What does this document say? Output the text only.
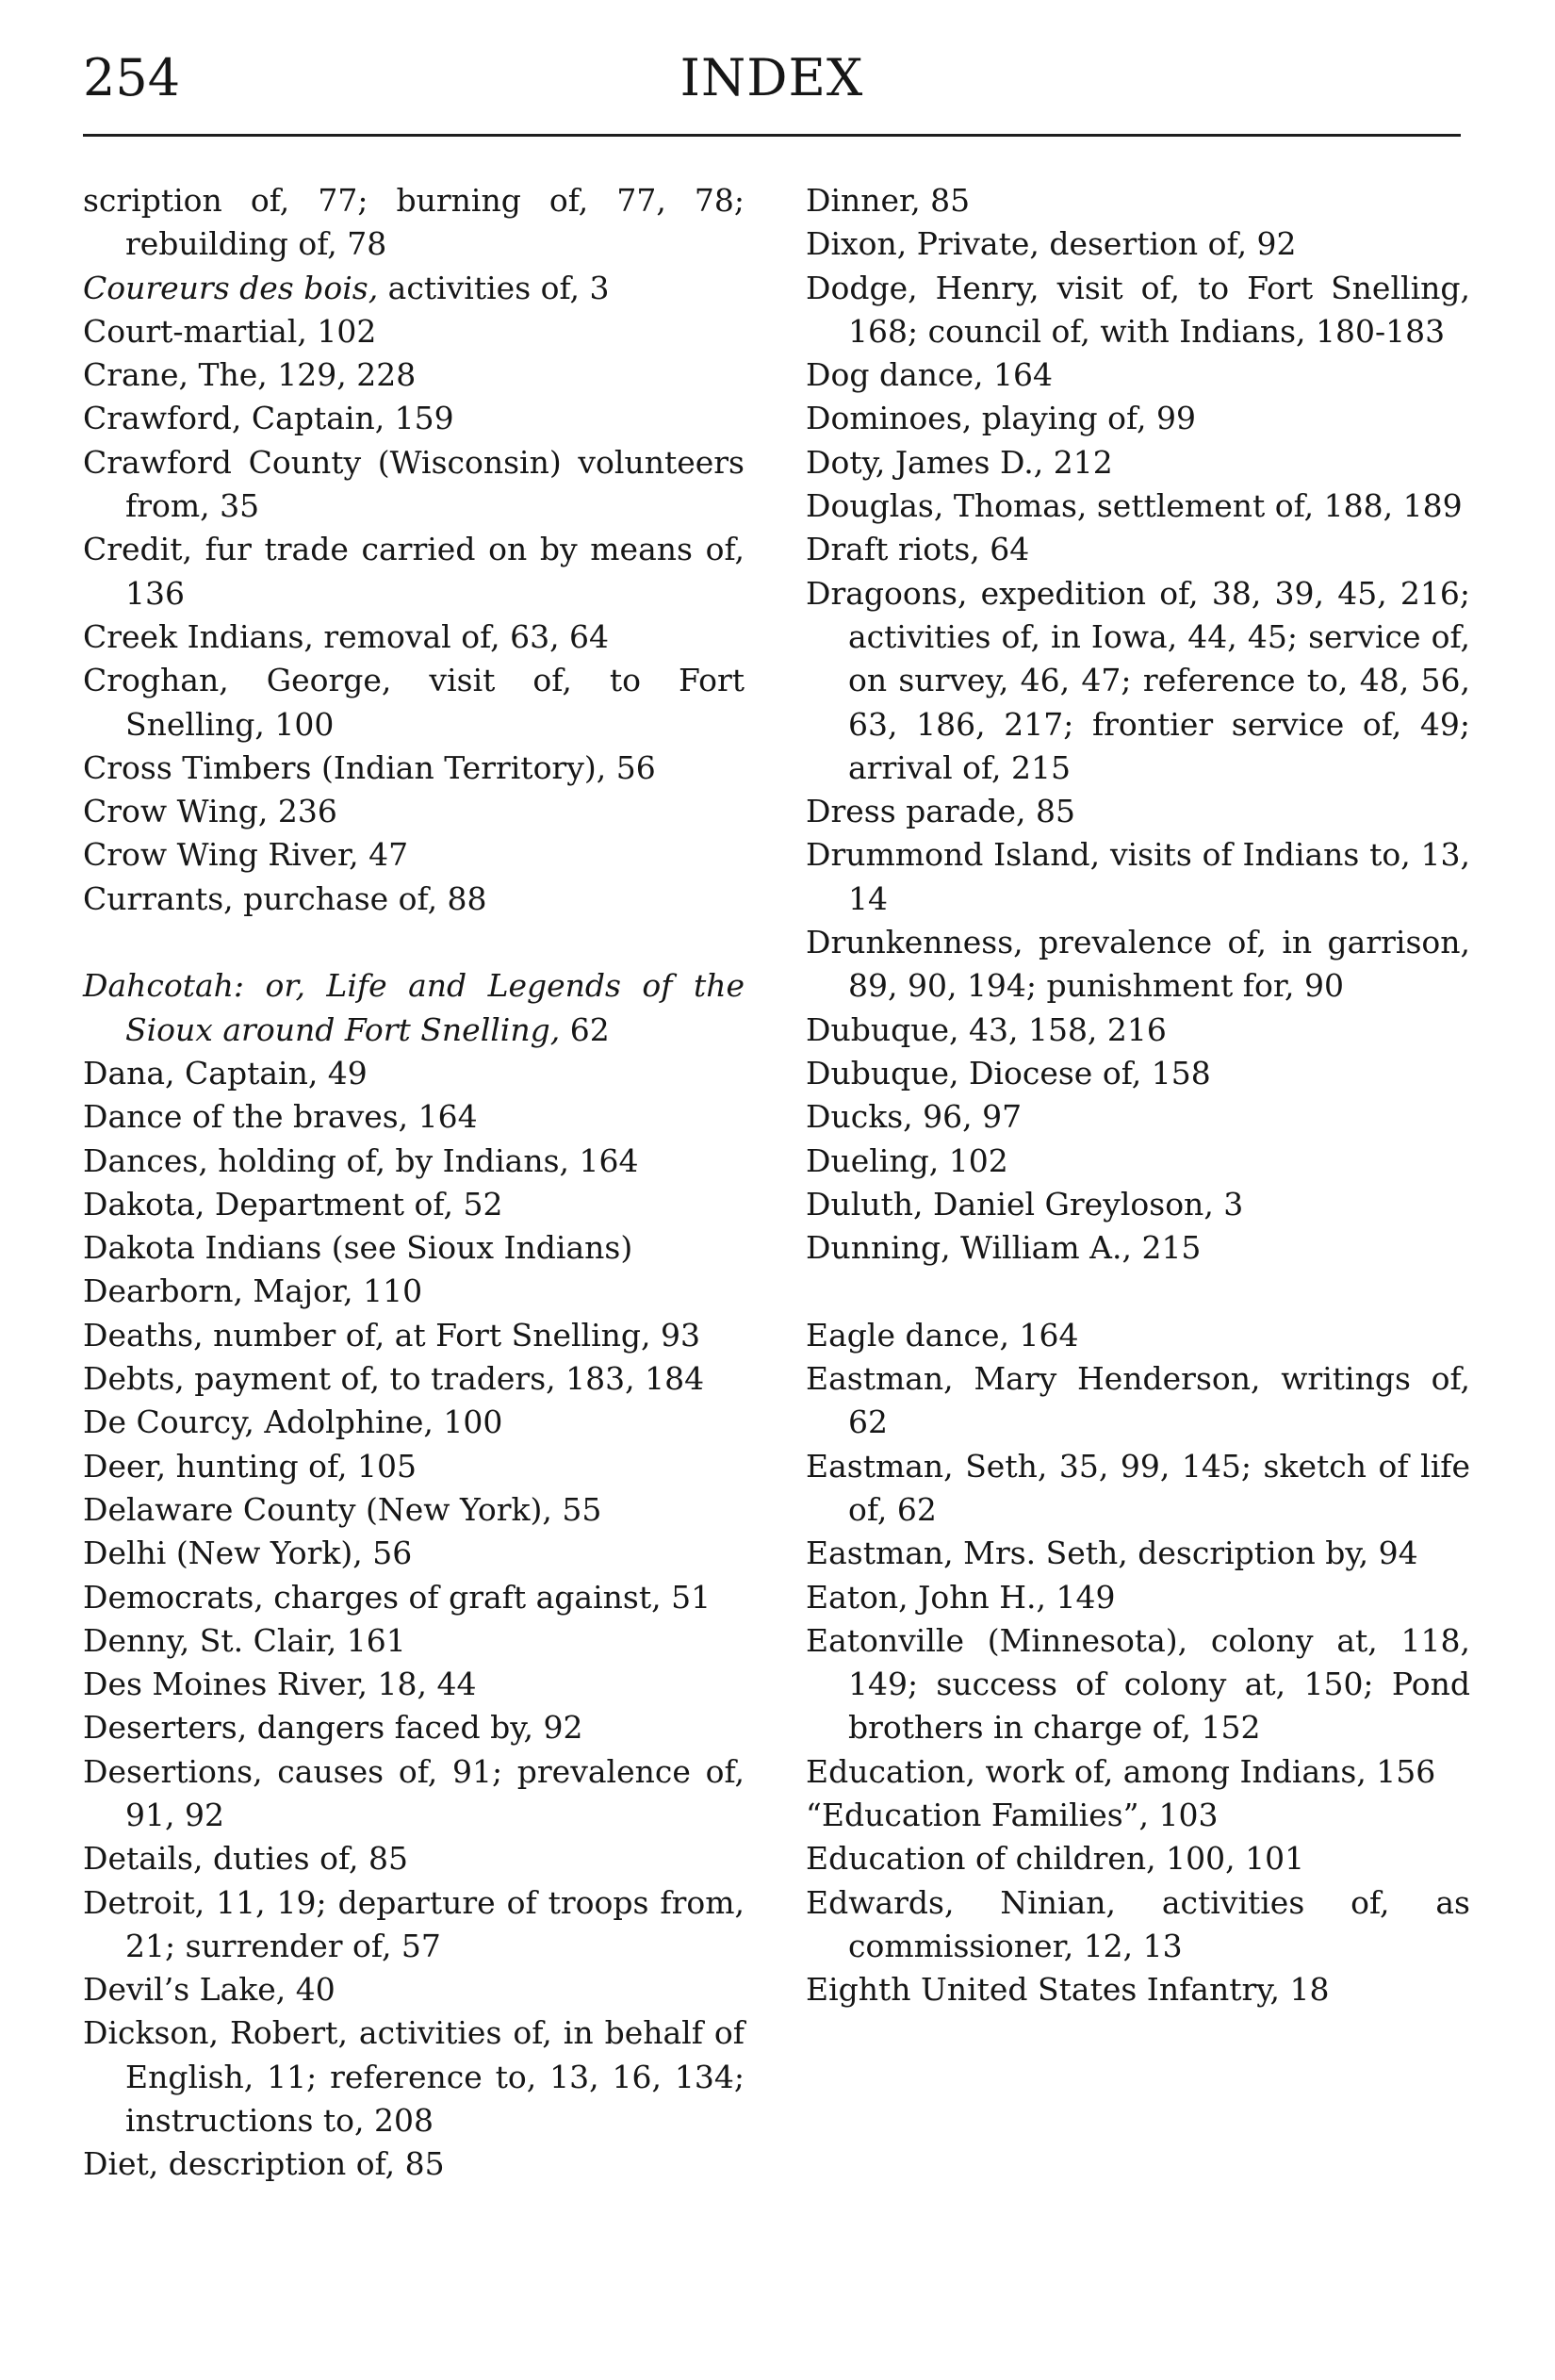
INDEX
254
scription of, 77; burning of, 77, 78; rebuilding of, 78
Coureurs des bois, activities of, 3
Court-martial, 102
Crane, The, 129, 228
Crawford, Captain, 159
Crawford County (Wisconsin) volunteers from, 35
Credit, fur trade carried on by means of, 136
Creek Indians, removal of, 63, 64
Croghan, George, visit of, to Fort Snelling, 100
Cross Timbers (Indian Territory), 56
Crow Wing, 236
Crow Wing River, 47
Currants, purchase of, 88
Dahcotah: or, Life and Legends of the Sioux around Fort Snelling, 62
Dana, Captain, 49
Dance of the braves, 164
Dances, holding of, by Indians, 164
Dakota, Department of, 52
Dakota Indians (see Sioux Indians)
Dearborn, Major, 110
Deaths, number of, at Fort Snelling, 93
Debts, payment of, to traders, 183, 184
De Courcy, Adolphine, 100
Deer, hunting of, 105
Delaware County (New York), 55
Delhi (New York), 56
Democrats, charges of graft against, 51
Denny, St. Clair, 161
Des Moines River, 18, 44
Deserters, dangers faced by, 92
Desertions, causes of, 91; prevalence of, 91, 92
Details, duties of, 85
Detroit, 11, 19; departure of troops from, 21; surrender of, 57
Devil’s Lake, 40
Dickson, Robert, activities of, in behalf of English, 11; reference to, 13, 16, 134; instructions to, 208
Diet, description of, 85
Dinner, 85
Dixon, Private, desertion of, 92
Dodge, Henry, visit of, to Fort Snelling, 168; council of, with Indians, 180-183
Dog dance, 164
Dominoes, playing of, 99
Doty, James D., 212
Douglas, Thomas, settlement of, 188, 189
Draft riots, 64
Dragoons, expedition of, 38, 39, 45, 216; activities of, in Iowa, 44, 45; service of, on survey, 46, 47; reference to, 48, 56, 63, 186, 217; frontier service of, 49; arrival of, 215
Dress parade, 85
Drummond Island, visits of Indians to, 13, 14
Drunkenness, prevalence of, in garrison, 89, 90, 194; punishment for, 90
Dubuque, 43, 158, 216
Dubuque, Diocese of, 158
Ducks, 96, 97
Dueling, 102
Duluth, Daniel Greyloson, 3
Dunning, William A., 215
Eagle dance, 164
Eastman, Mary Henderson, writings of, 62
Eastman, Seth, 35, 99, 145; sketch of life of, 62
Eastman, Mrs. Seth, description by, 94
Eaton, John H., 149
Eatonville (Minnesota), colony at, 118, 149; success of colony at, 150; Pond brothers in charge of, 152
Education, work of, among Indians, 156
“Education Families”, 103
Education of children, 100, 101
Edwards, Ninian, activities of, as commissioner, 12, 13
Eighth United States Infantry, 18
